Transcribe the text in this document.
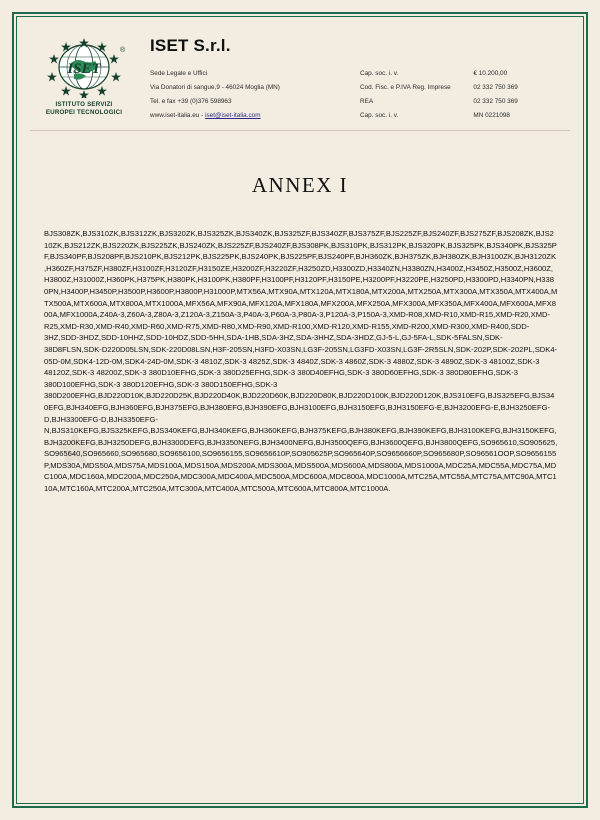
ISET
®
ISTITUTO SERVIZI
EUROPEI TECNOLOGICI
ISET S.r.l.
Sede Legale e Uffici	Cap. soc. i. v.	€ 10.200,00
Via Donatori di sangue,9 - 46024 Moglia (MN)	Cod. Fisc. e P.IVA Reg. Imprese	02 332 750 369
Tel. e fax +39 (0)376 598963	REA	02 332 750 369
www.iset-italia.eu - iset@iset-italia.com	Cap. soc. i. v.	MN 0221098
ANNEX I
BJS308ZK,BJS310ZK,BJS312ZK,BJS320ZK,BJS325ZK,BJS340ZK,BJS325ZF,BJS340ZF,BJS375ZF,BJS225ZF,BJS240ZF,BJS275ZF,BJS208ZK,BJS210ZK,BJS212ZK,BJS220ZK,BJS225ZK,BJS240ZK,BJS225ZF,BJS240ZF,BJS308PK,BJS310PK,BJS312PK,BJS320PK,BJS325PK,BJS340PK,BJS325PF,BJS340PF,BJS208PF,BJS210PK,BJS212PK,BJS225PK,BJS240PK,BJS225PF,BJS240PF,BJH360ZK,BJH375ZK,BJH380ZK,BJH3100ZK,BJH3120ZK,H360ZF,H375ZF,H380ZF,H3100ZF,H3120ZF,H3150ZE,H3200ZF,H3220ZF,H3250ZD,H3300ZD,H3340ZN,H3380ZN,H3400Z,H3450Z,H3500Z,H3600Z,H3800Z,H31000Z,H360PK,H375PK,H380PK,H3100PK,H380PF,H3100PF,H3120PF,H3150PE,H3200PF,H3220PE,H3250PD,H3300PD,H3340PN,H3380PN,H3400P,H3450P,H3500P,H3600P,H3800P,H31000P,MTX56A,MTX90A,MTX120A,MTX180A,MTX200A,MTX250A,MTX300A,MTX350A,MTX400A,MTX500A,MTX600A,MTX800A,MTX1000A,MFX56A,MFX90A,MFX120A,MFX180A,MFX200A,MFX250A,MFX300A,MFX350A,MFX400A,MFX600A,MFX800A,MFX1000A,Z40A-3,Z60A-3,Z80A-3,Z120A-3,Z150A-3,P40A-3,P60A-3,P80A-3,P120A-3,P150A-3,XMD-R08,XMD-R10,XMD-R15,XMD-R20,XMD-R25,XMD-R30,XMD-R40,XMD-R60,XMD-R75,XMD-R80,XMD-R90,XMD-R100,XMD-R120,XMD-R155,XMD-R200,XMD-R300,XMD-R400,SDD-3HZ,SDD-3HDZ,SDD-10HHZ,SDD-10HDZ,SDD-5HH,SDA-1HB,SDA-3HZ,SDA-3HHZ,SDA-3HDZ,GJ-5-L,GJ-5FA-L,SDK-5FALSN,SDK-38D8FLSN,SDK-D220D05LSN,SDK-220D08LSN,H3F-205SN,H3FD-X03SN,LG3F-205SN,LG3FD-X03SN,LG3F-2R5SLN,SDK-202P,SDK-202PL,SDK4-05D-0M,SDK4-12D-0M,SDK4-24D-0M,SDK-3 4810Z,SDK-3 4825Z,SDK-3 4840Z,SDK-3 4860Z,SDK-3 4880Z,SDK-3 4890Z,SDK-3 48100Z,SDK-3 48120Z,SDK-3 48200Z,SDK-3 380D10EFHG,SDK-3 380D25EFHG,SDK-3 380D40EFHG,SDK-3 380D60EFHG,SDK-3 380D80EFHG,SDK-3 380D100EFHG,SDK-3 380D120EFHG,SDK-3 380D150EFHG,SDK-3 380D200EFHG,BJD220D10K,BJD220D25K,BJD220D40K,BJD220D60K,BJD220D80K,BJD220D100K,BJD220D120K,BJS310EFG,BJS325EFG,BJS340EFG,BJH340EFG,BJH360EFG,BJH375EFG,BJH380EFG,BJH390EFG,BJH3100EFG,BJH3150EFG,BJH3150EFG-E,BJH3200EFG-E,BJH3250EFG-D,BJH3300EFG-D,BJH3350EFG-N,BJS310KEFG,BJS325KEFG,BJS340KEFG,BJH340KEFG,BJH360KEFG,BJH375KEFG,BJH380KEFG,BJH390KEFG,BJH3100KEFG,BJH3150KEFG,BJH3200KEFG,BJH3250DEFG,BJH3300DEFG,BJH3350NEFG,BJH3400NEFG,BJH3500QEFG,BJH3600QEFG,BJH3800QEFG,SO965610,SO905625,SO965640,SO965660,SO965680,SO9656100,SO9656155,SO9656610P,SO905625P,SO965640P,SO9656660P,SO965680P,SO96561OOP,SO9656155P,MDS30A,MDS50A,MDS75A,MDS100A,MDS150A,MDS200A,MDS300A,MDS500A,MDS600A,MDS800A,MDS1000A,MDC25A,MDC55A,MDC75A,MDC100A,MDC160A,MDC200A,MDC250A,MDC300A,MDC400A,MDC500A,MDC600A,MDC800A,MDC1000A,MTC25A,MTC55A,MTC75A,MTC90A,MTC110A,MTC160A,MTC200A,MTC250A,MTC300A,MTC400A,MTC500A,MTC600A,MTC800A,MTC1000A.
